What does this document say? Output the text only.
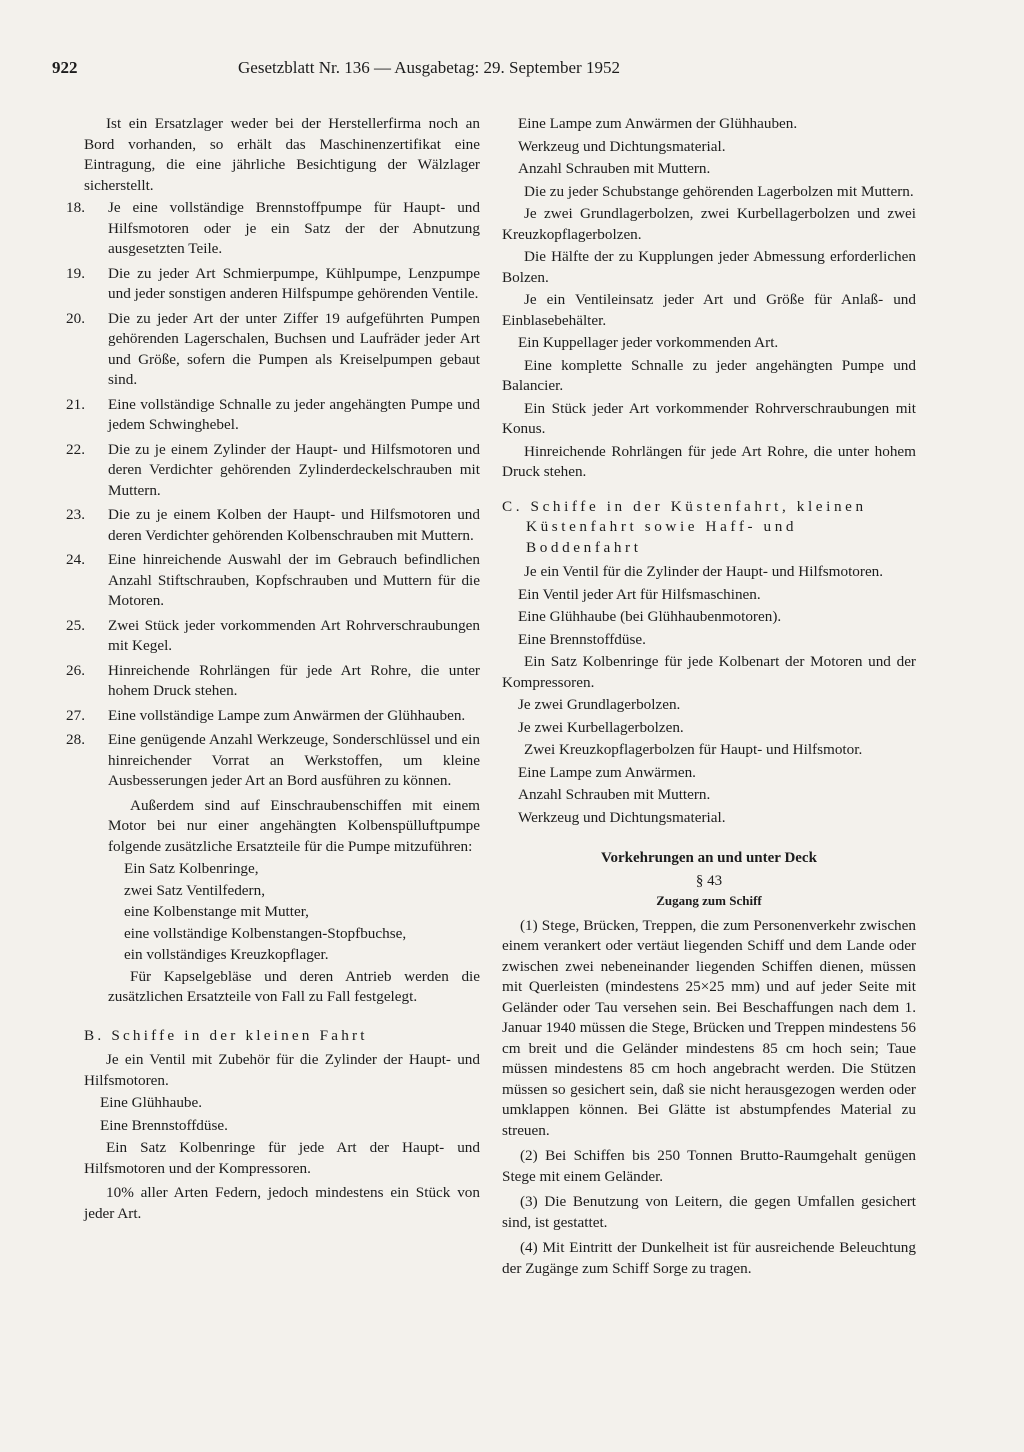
922	Gesetzblatt Nr. 136 — Ausgabetag: 29. September 1952

Ist ein Ersatzlager weder bei der Herstellerfirma noch an Bord vorhanden, so erhält das Maschinenzertifikat eine Eintragung, die eine jährliche Besichtigung der Wälzlager sicherstellt.

18.	Je eine vollständige Brennstoffpumpe für Haupt- und Hilfsmotoren oder je ein Satz der der Abnutzung ausgesetzten Teile.
19.	Die zu jeder Art Schmierpumpe, Kühlpumpe, Lenzpumpe und jeder sonstigen anderen Hilfspumpe gehörenden Ventile.
20.	Die zu jeder Art der unter Ziffer 19 aufgeführten Pumpen gehörenden Lagerschalen, Buchsen und Laufräder jeder Art und Größe, sofern die Pumpen als Kreiselpumpen gebaut sind.
21.	Eine vollständige Schnalle zu jeder angehängten Pumpe und jedem Schwinghebel.
22.	Die zu je einem Zylinder der Haupt- und Hilfsmotoren und deren Verdichter gehörenden Zylinderdeckelschrauben mit Muttern.
23.	Die zu je einem Kolben der Haupt- und Hilfsmotoren und deren Verdichter gehörenden Kolbenschrauben mit Muttern.
24.	Eine hinreichende Auswahl der im Gebrauch befindlichen Anzahl Stiftschrauben, Kopfschrauben und Muttern für die Motoren.
25.	Zwei Stück jeder vorkommenden Art Rohrverschraubungen mit Kegel.
26.	Hinreichende Rohrlängen für jede Art Rohre, die unter hohem Druck stehen.
27.	Eine vollständige Lampe zum Anwärmen der Glühhauben.
28.	Eine genügende Anzahl Werkzeuge, Sonderschlüssel und ein hinreichender Vorrat an Werkstoffen, um kleine Ausbesserungen jeder Art an Bord ausführen zu können.

Außerdem sind auf Einschraubenschiffen mit einem Motor bei nur einer angehängten Kolbenspülluftpumpe folgende zusätzliche Ersatzteile für die Pumpe mitzuführen:

Ein Satz Kolbenringe,

zwei Satz Ventilfedern,

eine Kolbenstange mit Mutter,

eine vollständige Kolbenstangen-Stopfbuchse,

ein vollständiges Kreuzkopflager.

Für Kapselgebläse und deren Antrieb werden die zusätzlichen Ersatzteile von Fall zu Fall festgelegt.

B. Schiffe in der kleinen Fahrt

Je ein Ventil mit Zubehör für die Zylinder der Haupt- und Hilfsmotoren.

Eine Glühhaube.

Eine Brennstoffdüse.

Ein Satz Kolbenringe für jede Art der Haupt- und Hilfsmotoren und der Kompressoren.

10% aller Arten Federn, jedoch mindestens ein Stück von jeder Art.

Eine Lampe zum Anwärmen der Glühhauben.

Werkzeug und Dichtungsmaterial.

Anzahl Schrauben mit Muttern.

Die zu jeder Schubstange gehörenden Lagerbolzen mit Muttern.

Je zwei Grundlagerbolzen, zwei Kurbellagerbolzen und zwei Kreuzkopflagerbolzen.

Die Hälfte der zu Kupplungen jeder Abmessung erforderlichen Bolzen.

Je ein Ventileinsatz jeder Art und Größe für Anlaß- und Einblasebehälter.

Ein Kuppellager jeder vorkommenden Art.

Eine komplette Schnalle zu jeder angehängten Pumpe und Balancier.

Ein Stück jeder Art vorkommender Rohrverschraubungen mit Konus.

Hinreichende Rohrlängen für jede Art Rohre, die unter hohem Druck stehen.

C. Schiffe in der Küstenfahrt, kleinen Küstenfahrt sowie Haff- und Boddenfahrt

Je ein Ventil für die Zylinder der Haupt- und Hilfsmotoren.

Ein Ventil jeder Art für Hilfsmaschinen.

Eine Glühhaube (bei Glühhaubenmotoren).

Eine Brennstoffdüse.

Ein Satz Kolbenringe für jede Kolbenart der Motoren und der Kompressoren.

Je zwei Grundlagerbolzen.

Je zwei Kurbellagerbolzen.

Zwei Kreuzkopflagerbolzen für Haupt- und Hilfsmotor.

Eine Lampe zum Anwärmen.

Anzahl Schrauben mit Muttern.

Werkzeug und Dichtungsmaterial.

Vorkehrungen an und unter Deck

§ 43

Zugang zum Schiff

(1) Stege, Brücken, Treppen, die zum Personenverkehr zwischen einem verankert oder vertäut liegenden Schiff und dem Lande oder zwischen zwei nebeneinander liegenden Schiffen dienen, müssen mit Querleisten (mindestens 25×25 mm) und auf jeder Seite mit Geländer oder Tau versehen sein. Bei Beschaffungen nach dem 1. Januar 1940 müssen die Stege, Brücken und Treppen mindestens 56 cm breit und die Geländer mindestens 85 cm hoch sein; Taue müssen mindestens 85 cm hoch angebracht werden. Die Stützen müssen so gesichert sein, daß sie nicht herausgezogen werden oder umklappen können. Bei Glätte ist abstumpfendes Material zu streuen.

(2) Bei Schiffen bis 250 Tonnen Brutto-Raumgehalt genügen Stege mit einem Geländer.

(3) Die Benutzung von Leitern, die gegen Umfallen gesichert sind, ist gestattet.

(4) Mit Eintritt der Dunkelheit ist für ausreichende Beleuchtung der Zugänge zum Schiff Sorge zu tragen.
